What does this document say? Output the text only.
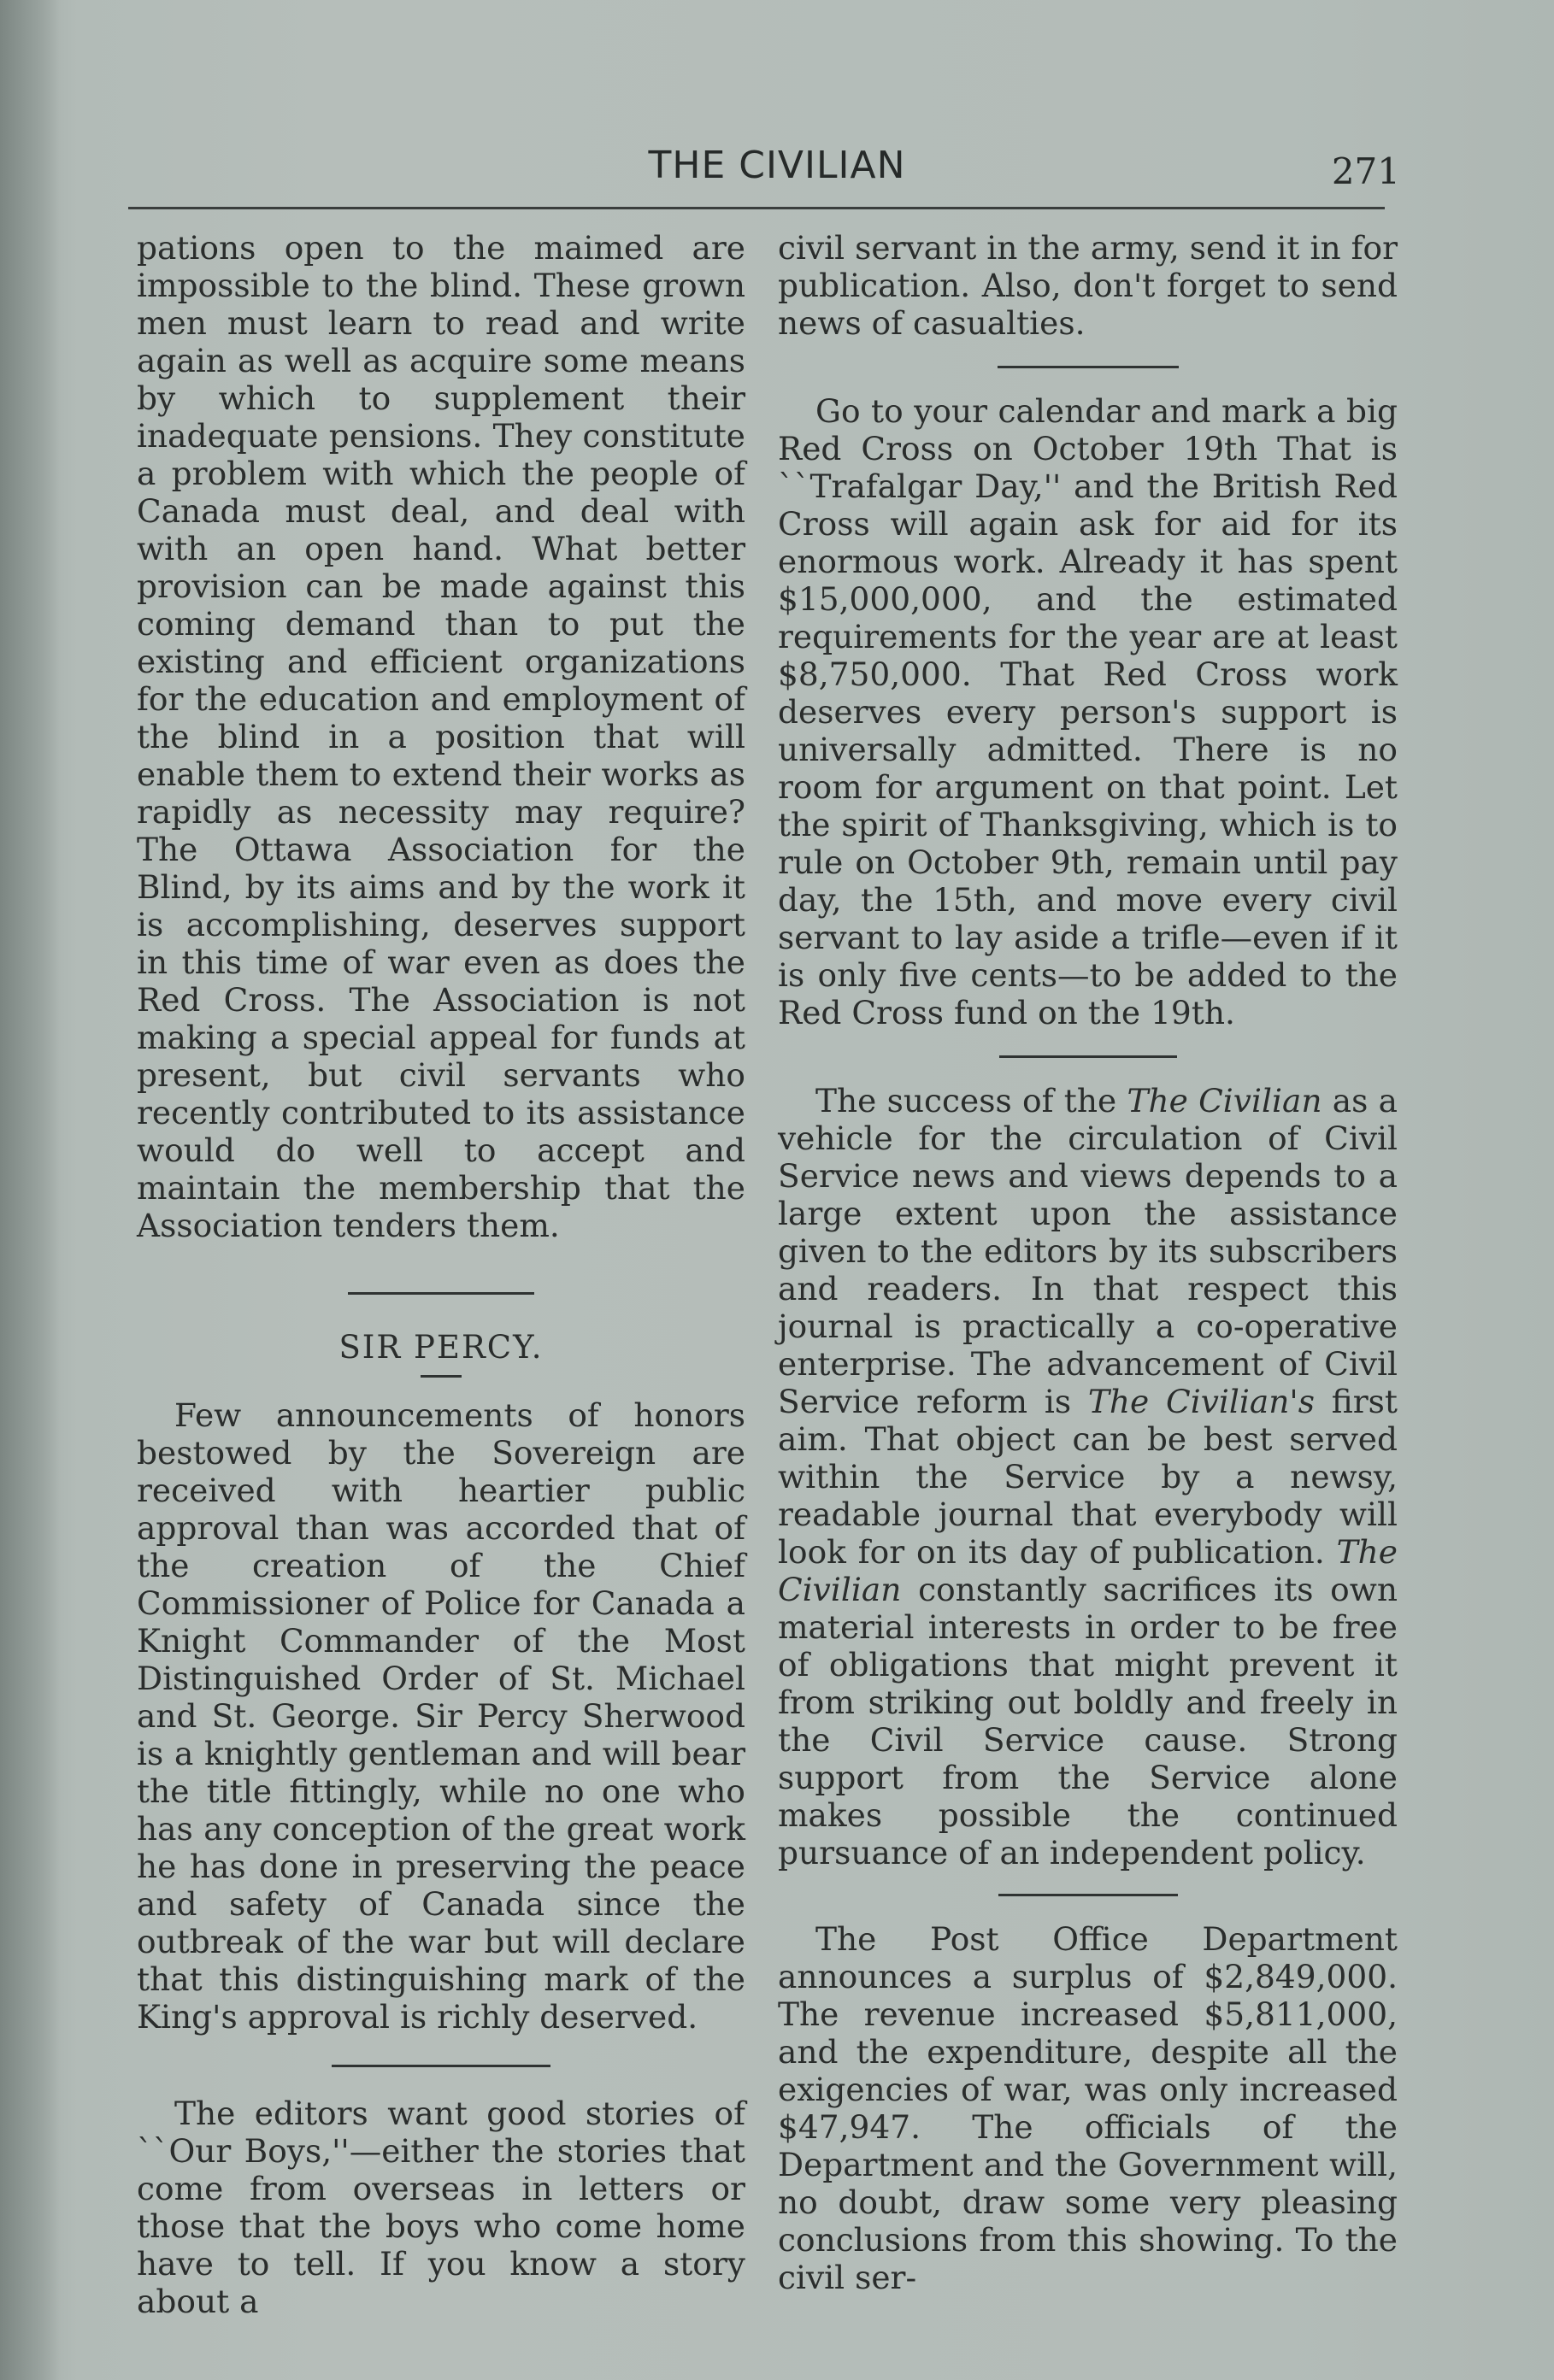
THE CIVILIAN	271

pations open to the maimed are impossible to the blind. These grown men must learn to read and write again as well as acquire some means by which to supplement their inadequate pensions. They constitute a problem with which the people of Canada must deal, and deal with with an open hand. What better provision can be made against this coming demand than to put the existing and efficient organizations for the education and employment of the blind in a position that will enable them to extend their works as rapidly as necessity may require? The Ottawa Association for the Blind, by its aims and by the work it is accomplishing, deserves support in this time of war even as does the Red Cross. The Association is not making a special appeal for funds at present, but civil servants who recently contributed to its assistance would do well to accept and maintain the membership that the Association tenders them.

SIR PERCY.

Few announcements of honors bestowed by the Sovereign are received with heartier public approval than was accorded that of the creation of the Chief Commissioner of Police for Canada a Knight Commander of the Most Distinguished Order of St. Michael and St. George. Sir Percy Sherwood is a knightly gentleman and will bear the title fittingly, while no one who has any conception of the great work he has done in preserving the peace and safety of Canada since the outbreak of the war but will declare that this distinguishing mark of the King's approval is richly deserved.

The editors want good stories of ``Our Boys,''—either the stories that come from overseas in letters or those that the boys who come home have to tell. If you know a story about a

civil servant in the army, send it in for publication. Also, don't forget to send news of casualties.

Go to your calendar and mark a big Red Cross on October 19th That is ``Trafalgar Day,'' and the British Red Cross will again ask for aid for its enormous work. Already it has spent $15,000,000, and the estimated requirements for the year are at least $8,750,000. That Red Cross work deserves every person's support is universally admitted. There is no room for argument on that point. Let the spirit of Thanksgiving, which is to rule on October 9th, remain until pay day, the 15th, and move every civil servant to lay aside a trifle—even if it is only five cents—to be added to the Red Cross fund on the 19th.

The success of the The Civilian as a vehicle for the circulation of Civil Service news and views depends to a large extent upon the assistance given to the editors by its subscribers and readers. In that respect this journal is practically a co-operative enterprise. The advancement of Civil Service reform is The Civilian's first aim. That object can be best served within the Service by a newsy, readable journal that everybody will look for on its day of publication. The Civilian constantly sacrifices its own material interests in order to be free of obligations that might prevent it from striking out boldly and freely in the Civil Service cause. Strong support from the Service alone makes possible the continued pursuance of an independent policy.

The Post Office Department announces a surplus of $2,849,000. The revenue increased $5,811,000, and the expenditure, despite all the exigencies of war, was only increased $47,947. The officials of the Department and the Government will, no doubt, draw some very pleasing conclusions from this showing. To the civil ser-
